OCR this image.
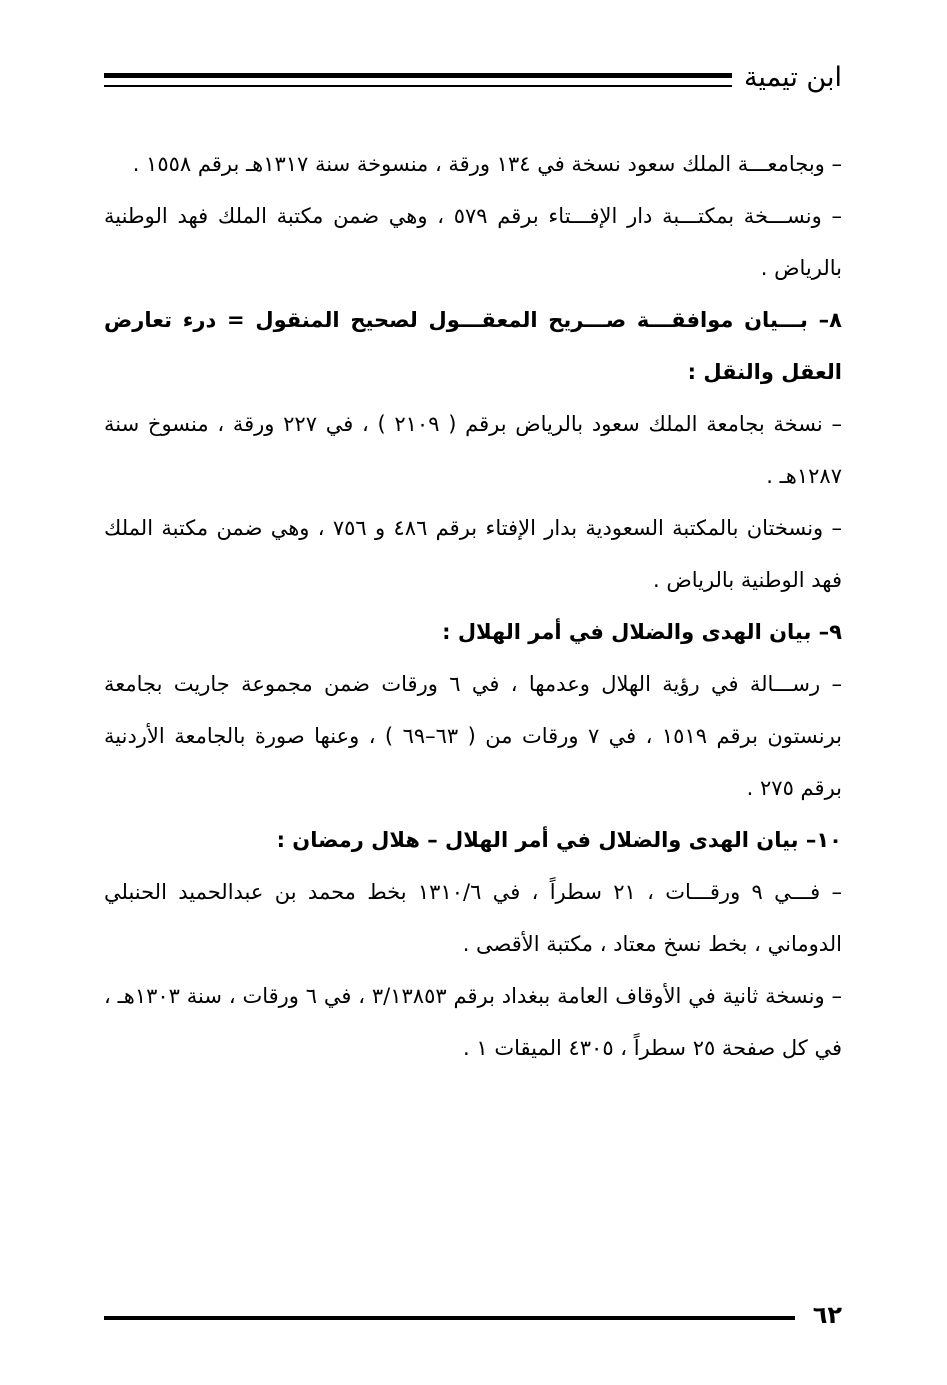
ابن تيمية

– وبجامعـــة الملك سعود نسخة في ١٣٤ ورقة ، منسوخة سنة ١٣١٧هـ برقم ١٥٥٨ .

– ونســـخة بمكتـــبة دار الإفـــتاء برقم ٥٧٩ ، وهي ضمن مكتبة الملك فهد الوطنية بالرياض .

٨– بـــيان موافقـــة صـــريح المعقـــول لصحيح المنقول = درء تعارض العقل والنقل :

– نسخة بجامعة الملك سعود بالرياض برقم ( ٢١٠٩ ) ، في ٢٢٧ ورقة ، منسوخ سنة ١٢٨٧هـ .

– ونسختان بالمكتبة السعودية بدار الإفتاء برقم ٤٨٦ و ٧٥٦ ، وهي ضمن مكتبة الملك فهد الوطنية بالرياض .

٩– بيان الهدى والضلال في أمر الهلال :

– رســـالة في رؤية الهلال وعدمها ، في ٦ ورقات ضمن مجموعة جاريت بجامعة برنستون برقم ١٥١٩ ، في ٧ ورقات من ( ٦٣–٦٩ ) ، وعنها صورة بالجامعة الأردنية برقم ٢٧٥ .

١٠– بيان الهدى والضلال في أمر الهلال – هلال رمضان :

– فـــي ٩ ورقـــات ، ٢١ سطراً ، في ١٣١٠/٦ بخط محمد بن عبدالحميد الحنبلي الدوماني ، بخط نسخ معتاد ، مكتبة الأقصى .

– ونسخة ثانية في الأوقاف العامة ببغداد برقم ٣/١٣٨٥٣ ، في ٦ ورقات ، سنة ١٣٠٣هـ ، في كل صفحة ٢٥ سطراً ، ٤٣٠٥ الميقات ١ .

٦٢
